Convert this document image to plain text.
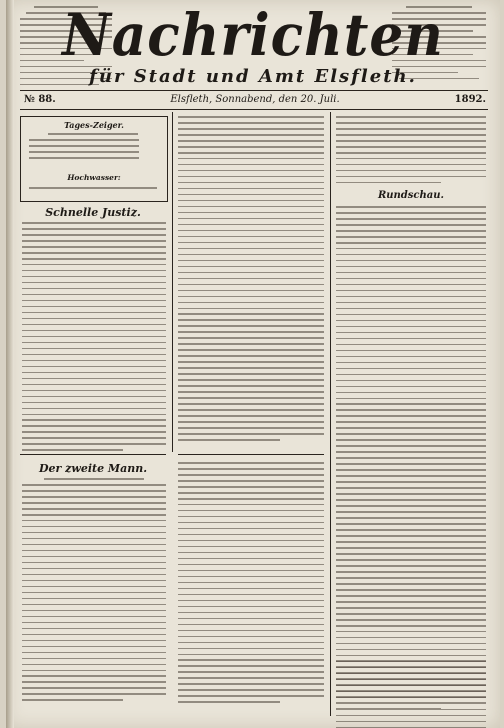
Nachrichten
für Stadt und Amt Elsfleth.
№ 88.	Elsfleth, Sonnabend, den 20. Juli.	1892.
Tages-Zeiger.
Hochwasser:
Schnelle Justiz.
Rundschau.
Der zweite Mann.
